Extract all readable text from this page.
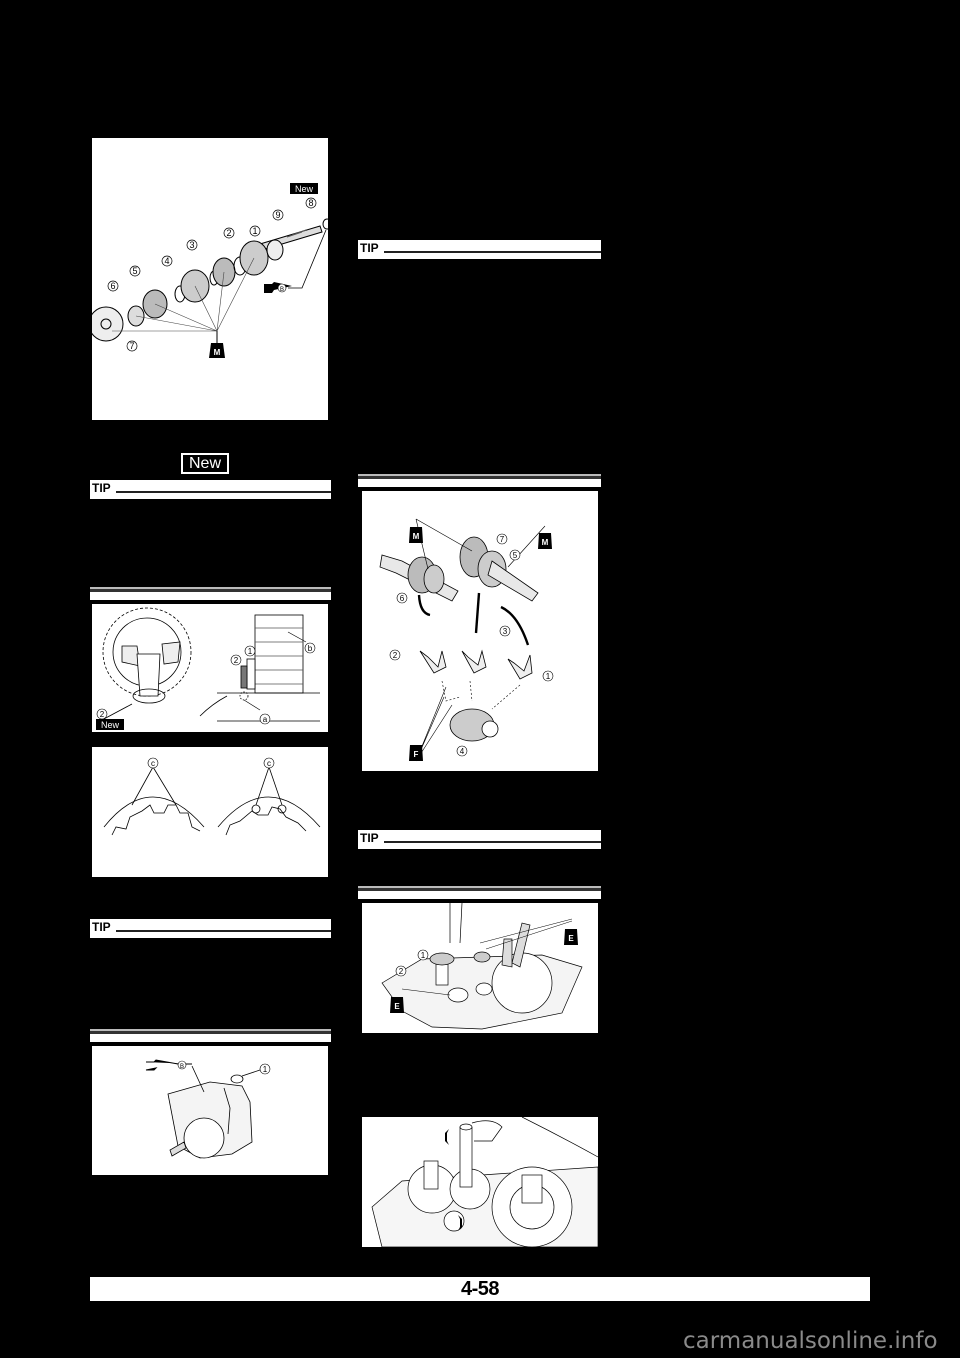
8
9
1
2
3
4
5
6
7
New
M
B
New
TIP
1
2
2
a
b
New
c	c
TIP
B	1
TIP
1
2
3
4
5
6
7
M
M
F
TIP
1
2
E
E
4-58
carmanualsonline.info
